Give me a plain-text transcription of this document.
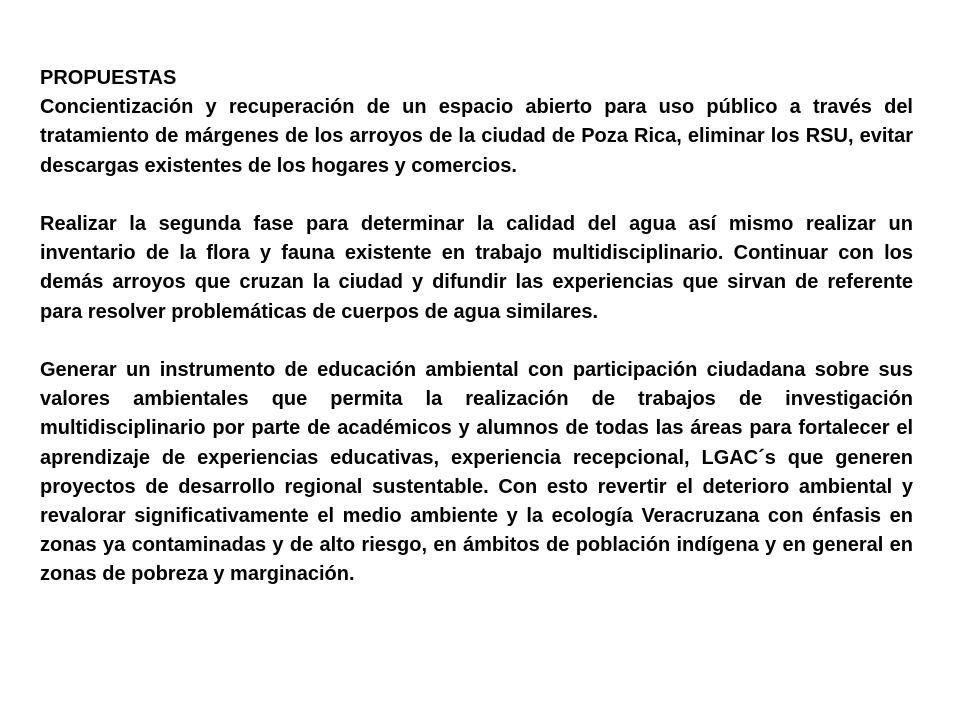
PROPUESTAS

Concientización y recuperación de un espacio abierto para uso público a través del tratamiento de márgenes de los arroyos de la ciudad de Poza Rica, eliminar los RSU, evitar descargas existentes de los hogares y comercios.

Realizar la segunda fase para determinar la calidad del agua así mismo realizar un inventario de la flora y fauna existente en trabajo multidisciplinario. Continuar con los demás arroyos que cruzan la ciudad y difundir las experiencias que sirvan de referente para resolver problemáticas de cuerpos de agua similares.

Generar un instrumento de educación ambiental con participación ciudadana sobre sus valores ambientales que permita la realización de trabajos de investigación multidisciplinario por parte de académicos y alumnos de todas las áreas para fortalecer el aprendizaje de experiencias educativas, experiencia recepcional, LGAC´s que generen proyectos de desarrollo regional sustentable. Con esto revertir el deterioro ambiental y revalorar significativamente el medio ambiente y la ecología Veracruzana con énfasis en zonas ya contaminadas y de alto riesgo, en ámbitos de población indígena y en general en zonas de pobreza y marginación.
